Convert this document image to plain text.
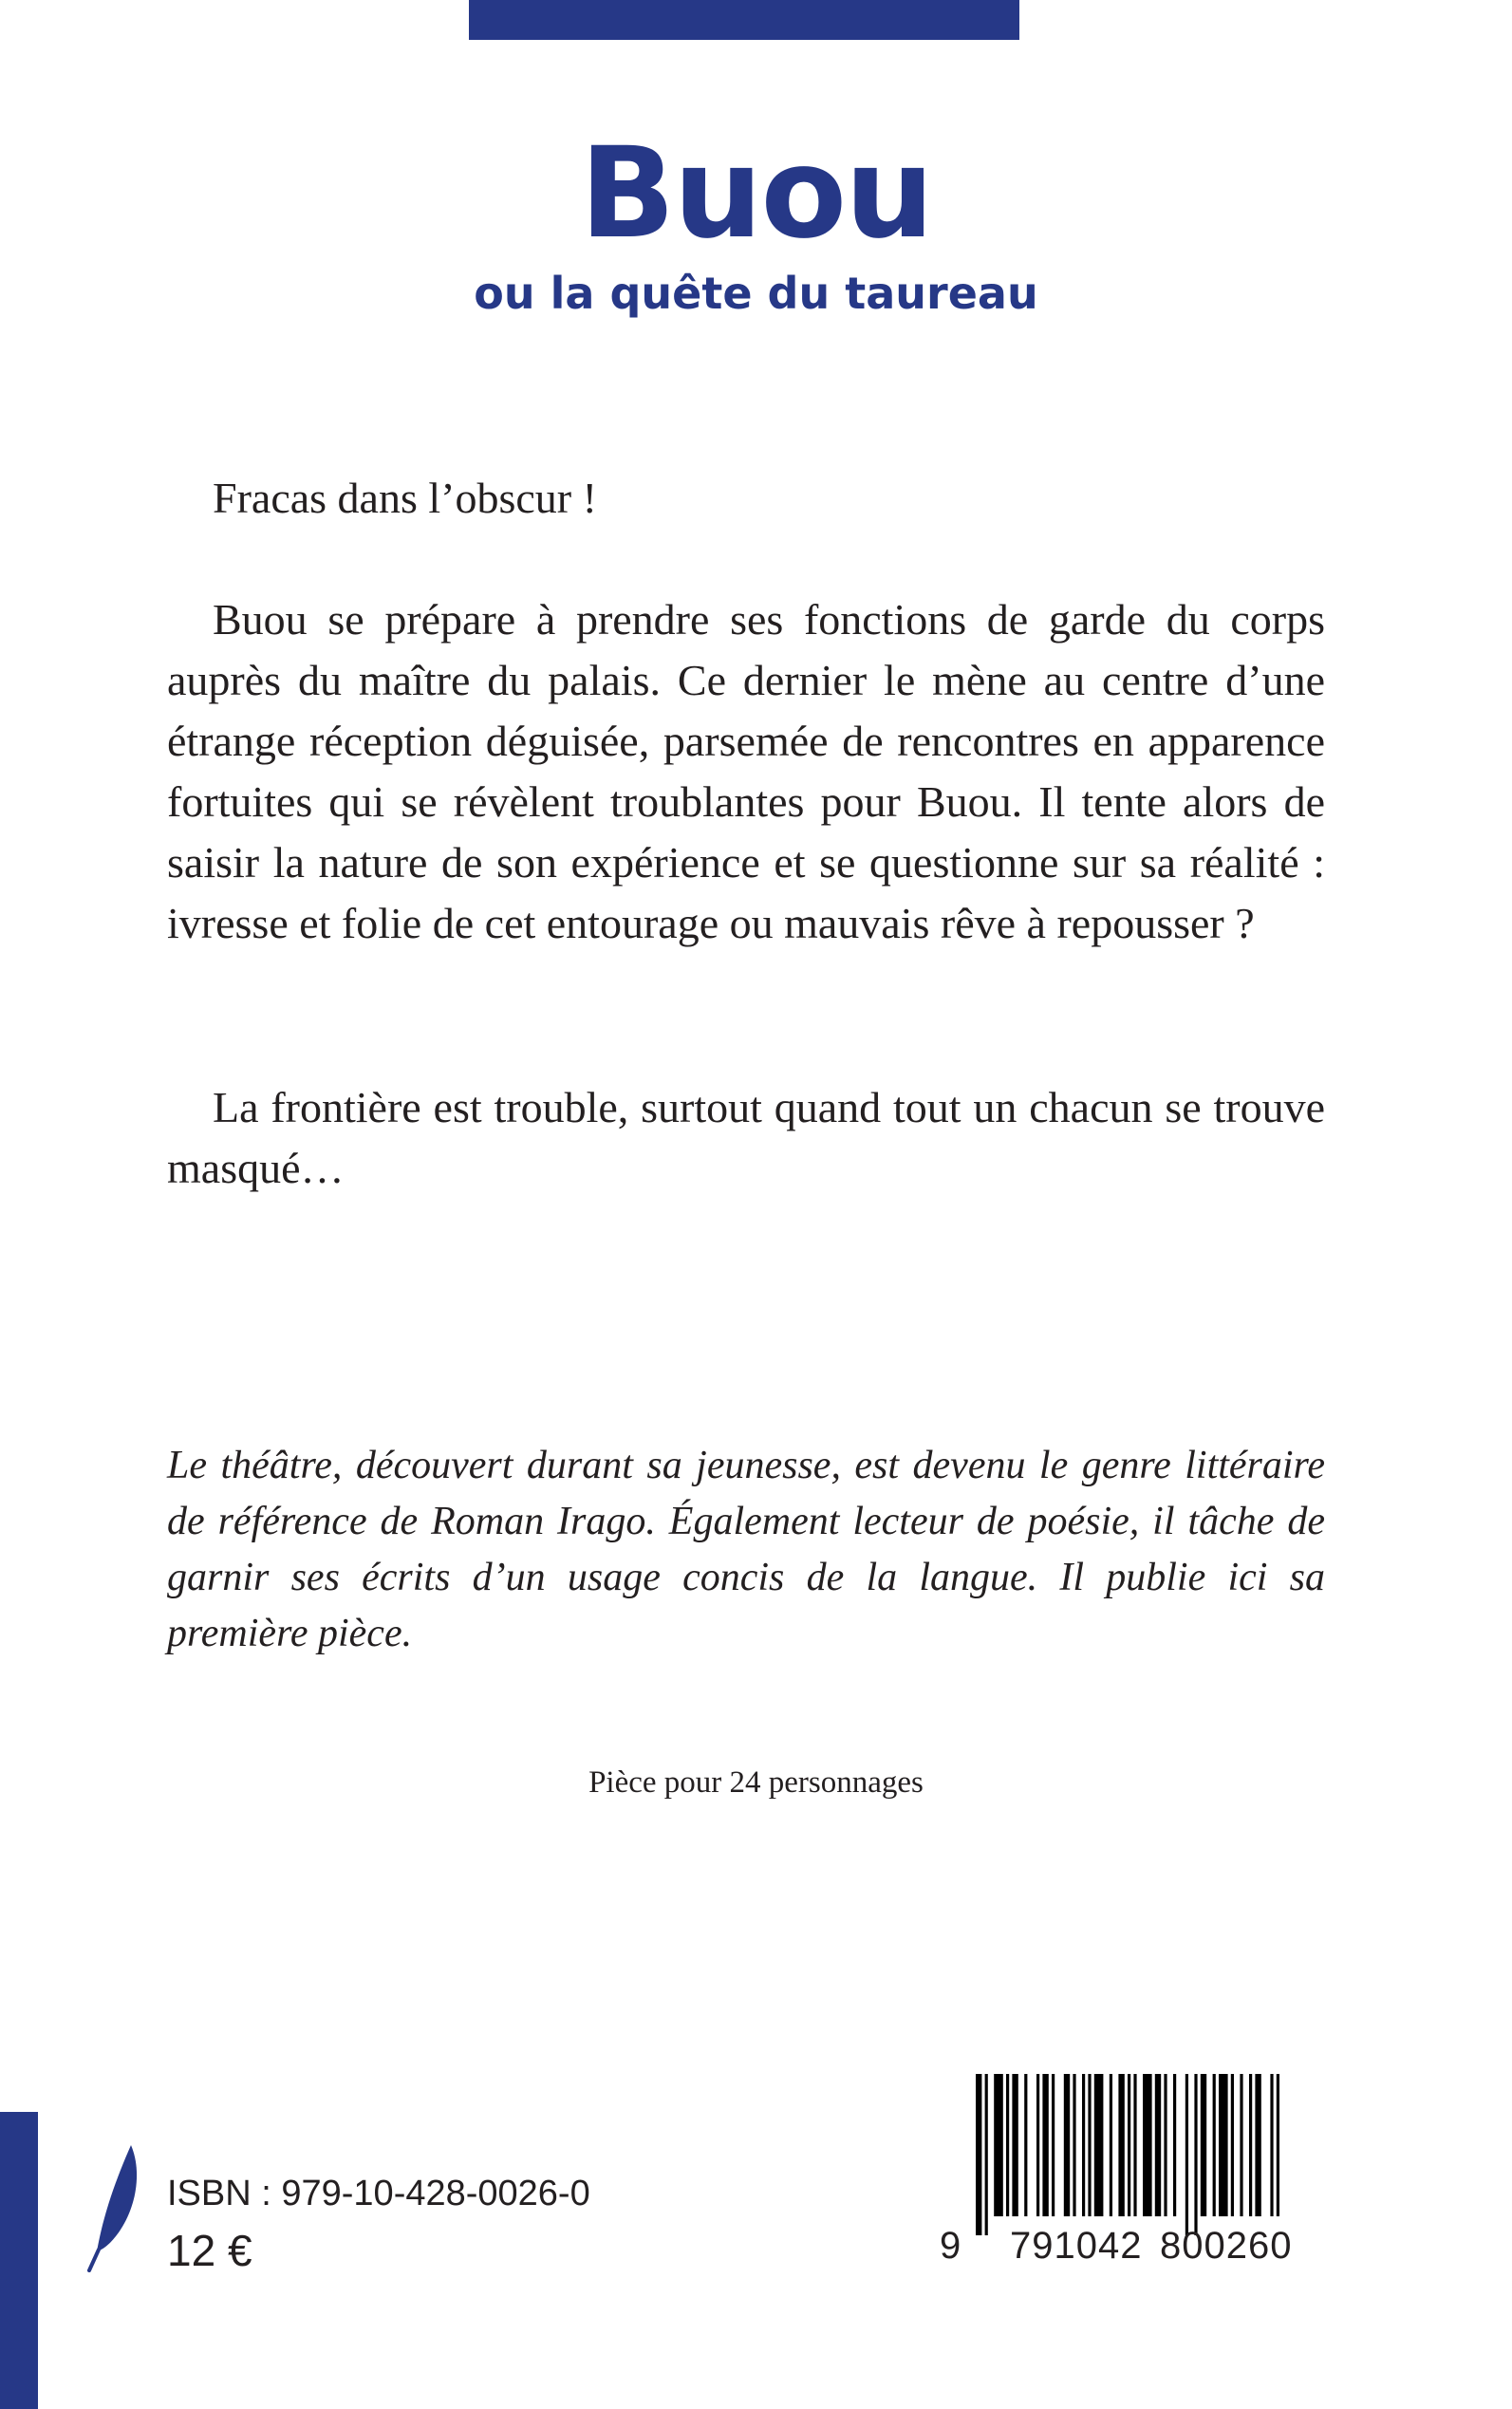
Buou
ou la quête du taureau

Fracas dans l’obscur !

Buou se prépare à prendre ses fonctions de garde du corps auprès du maître du palais. Ce dernier le mène au centre d’une étrange réception déguisée, parsemée de rencontres en apparence fortuites qui se révèlent troublantes pour Buou. Il tente alors de saisir la nature de son expérience et se questionne sur sa réalité : ivresse et folie de cet entourage ou mauvais rêve à repousser ?

La frontière est trouble, surtout quand tout un chacun se trouve masqué…

Le théâtre, découvert durant sa jeunesse, est devenu le genre littéraire de référence de Roman Irago. Également lecteur de poésie, il tâche de garnir ses écrits d’un usage concis de la langue. Il publie ici sa première pièce.

Pièce pour 24 personnages

ISBN : 979-10-428-0026-0
12 €	9 791042 800260
